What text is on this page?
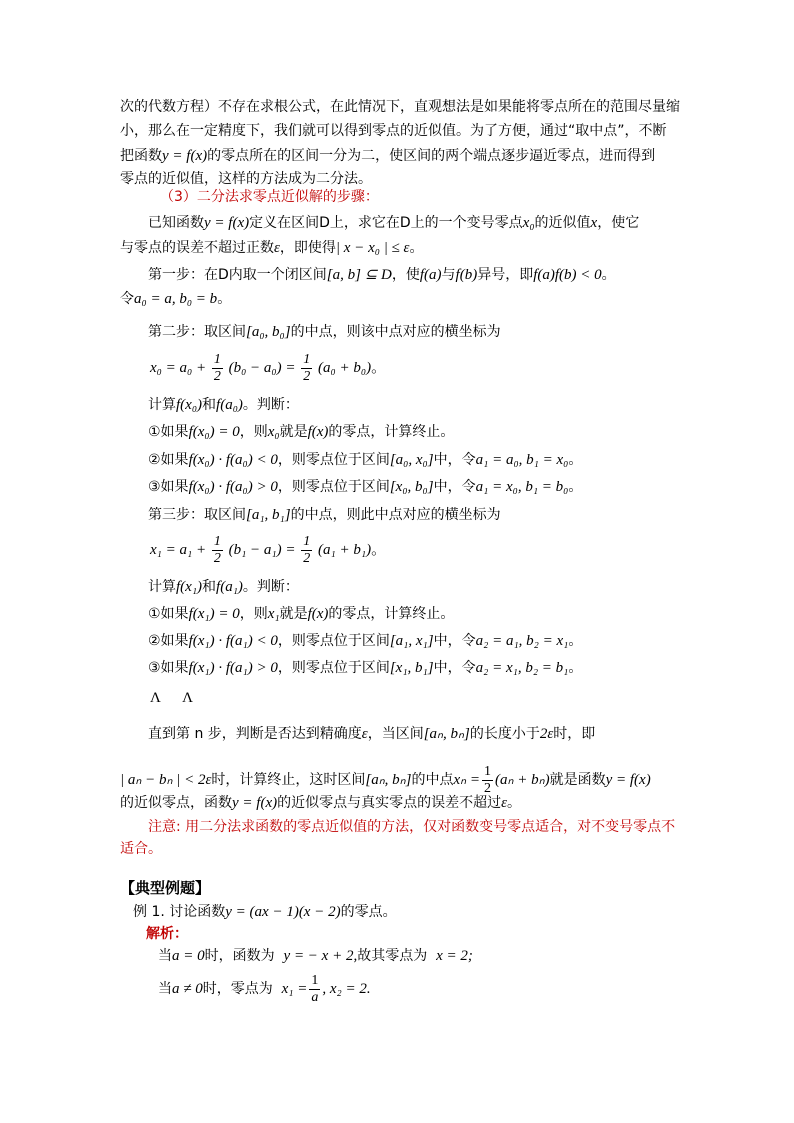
次的代数方程）不存在求根公式，在此情况下，直观想法是如果能将零点所在的范围尽量缩
小，那么在一定精度下，我们就可以得到零点的近似值。为了方便，通过“取中点”，不断
把函数y = f(x)的零点所在的区间一分为二，使区间的两个端点逐步逼近零点，进而得到
零点的近似值，这样的方法成为二分法。
（3）二分法求零点近似解的步骤：
已知函数y = f(x)定义在区间D上，求它在D上的一个变号零点x₀的近似值x，使它
与零点的误差不超过正数ε，即使得| x − x₀ | ≤ ε。
第一步：在D内取一个闭区间[a, b] ⊆ D，使f(a)与f(b)异号，即f(a)f(b) < 0。
令a₀ = a, b₀ = b。
第二步：取区间[a₀, b₀]的中点，则该中点对应的横坐标为
$x_0 = a_0 + \frac{1}{2} (b_0 - a_0) = \frac{1}{2} (a_0 + b_0)$。
计算f(x₀)和f(a₀)。判断：
①如果f(x₀) = 0，则x₀就是f(x)的零点，计算终止。
②如果f(x₀) · f(a₀) < 0，则零点位于区间[a₀, x₀]中，令a₁ = a₀, b₁ = x₀。
③如果f(x₀) · f(a₀) > 0，则零点位于区间[x₀, b₀]中，令a₁ = x₀, b₁ = b₀。
第三步：取区间[a₁, b₁]的中点，则此中点对应的横坐标为
$x_1 = a_1 + \frac{1}{2} (b_1 - a_1) = \frac{1}{2} (a_1 + b_1)$。
计算f(x₁)和f(a₁)。判断：
①如果f(x₁) = 0，则x₁就是f(x)的零点，计算终止。
②如果f(x₁) · f(a₁) < 0，则零点位于区间[a₁, x₁]中，令a₂ = a₁, b₂ = x₁。
③如果f(x₁) · f(a₁) > 0，则零点位于区间[x₁, b₁]中，令a₂ = x₁, b₂ = b₁。
Λ      Λ
直到第 n 步，判断是否达到精确度ε，当区间[aₙ, bₙ]的长度小于2ε时，即
| aₙ − bₙ | < 2ε时，计算终止，这时区间[aₙ, bₙ]的中点$x_n = \frac{1}{2} (a_n + b_n)$就是函数y = f(x)
的近似零点，函数y = f(x)的近似零点与真实零点的误差不超过ε。
注意: 用二分法求函数的零点近似值的方法，仅对函数变号零点适合，对不变号零点不
适合。
【典型例题】
例 1. 讨论函数y = (ax − 1)(x − 2)的零点。
解析：
当a = 0时，函数为 y = − x + 2,故其零点为 x = 2;
当a ≠ 0时，零点为 $x_1 = \frac{1}{a}$ , x₂ = 2.
